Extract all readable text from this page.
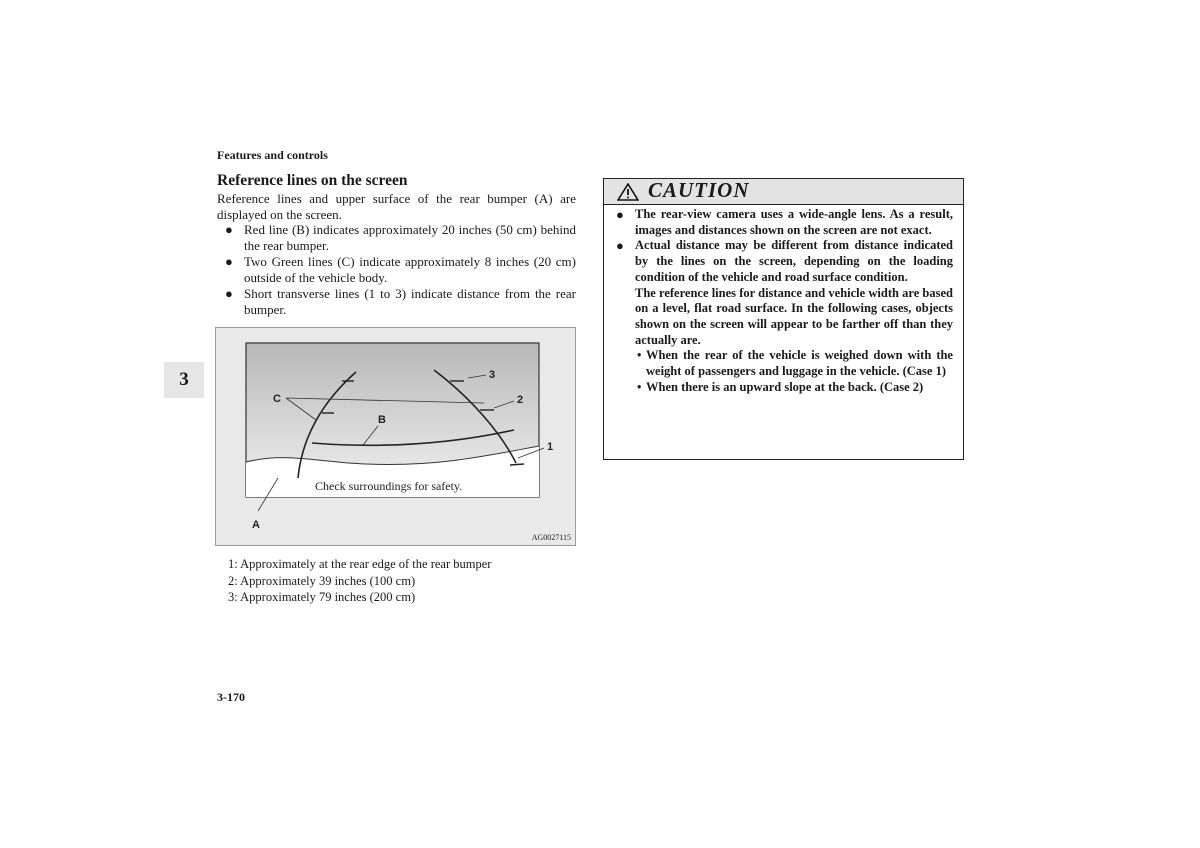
Features and controls
Reference lines on the screen
Reference lines and upper surface of the rear bumper (A) are displayed on the screen.
● Red line (B) indicates approximately 20 inches (50 cm) behind the rear bumper.
● Two Green lines (C) indicate approximately 8 inches (20 cm) outside of the vehicle body.
● Short transverse lines (1 to 3) indicate distance from the rear bumper.
3
C
B
3
2
1
A
Check surroundings for safety.
AG0027115
1: Approximately at the rear edge of the rear bumper
2: Approximately 39 inches (100 cm)
3: Approximately 79 inches (200 cm)
CAUTION
● The rear-view camera uses a wide-angle lens. As a result, images and distances shown on the screen are not exact.
● Actual distance may be different from distance indicated by the lines on the screen, depending on the loading condition of the vehicle and road surface condition.
The reference lines for distance and vehicle width are based on a level, flat road surface. In the following cases, objects shown on the screen will appear to be farther off than they actually are.
• When the rear of the vehicle is weighed down with the weight of passengers and luggage in the vehicle. (Case 1)
• When there is an upward slope at the back. (Case 2)
3-170
